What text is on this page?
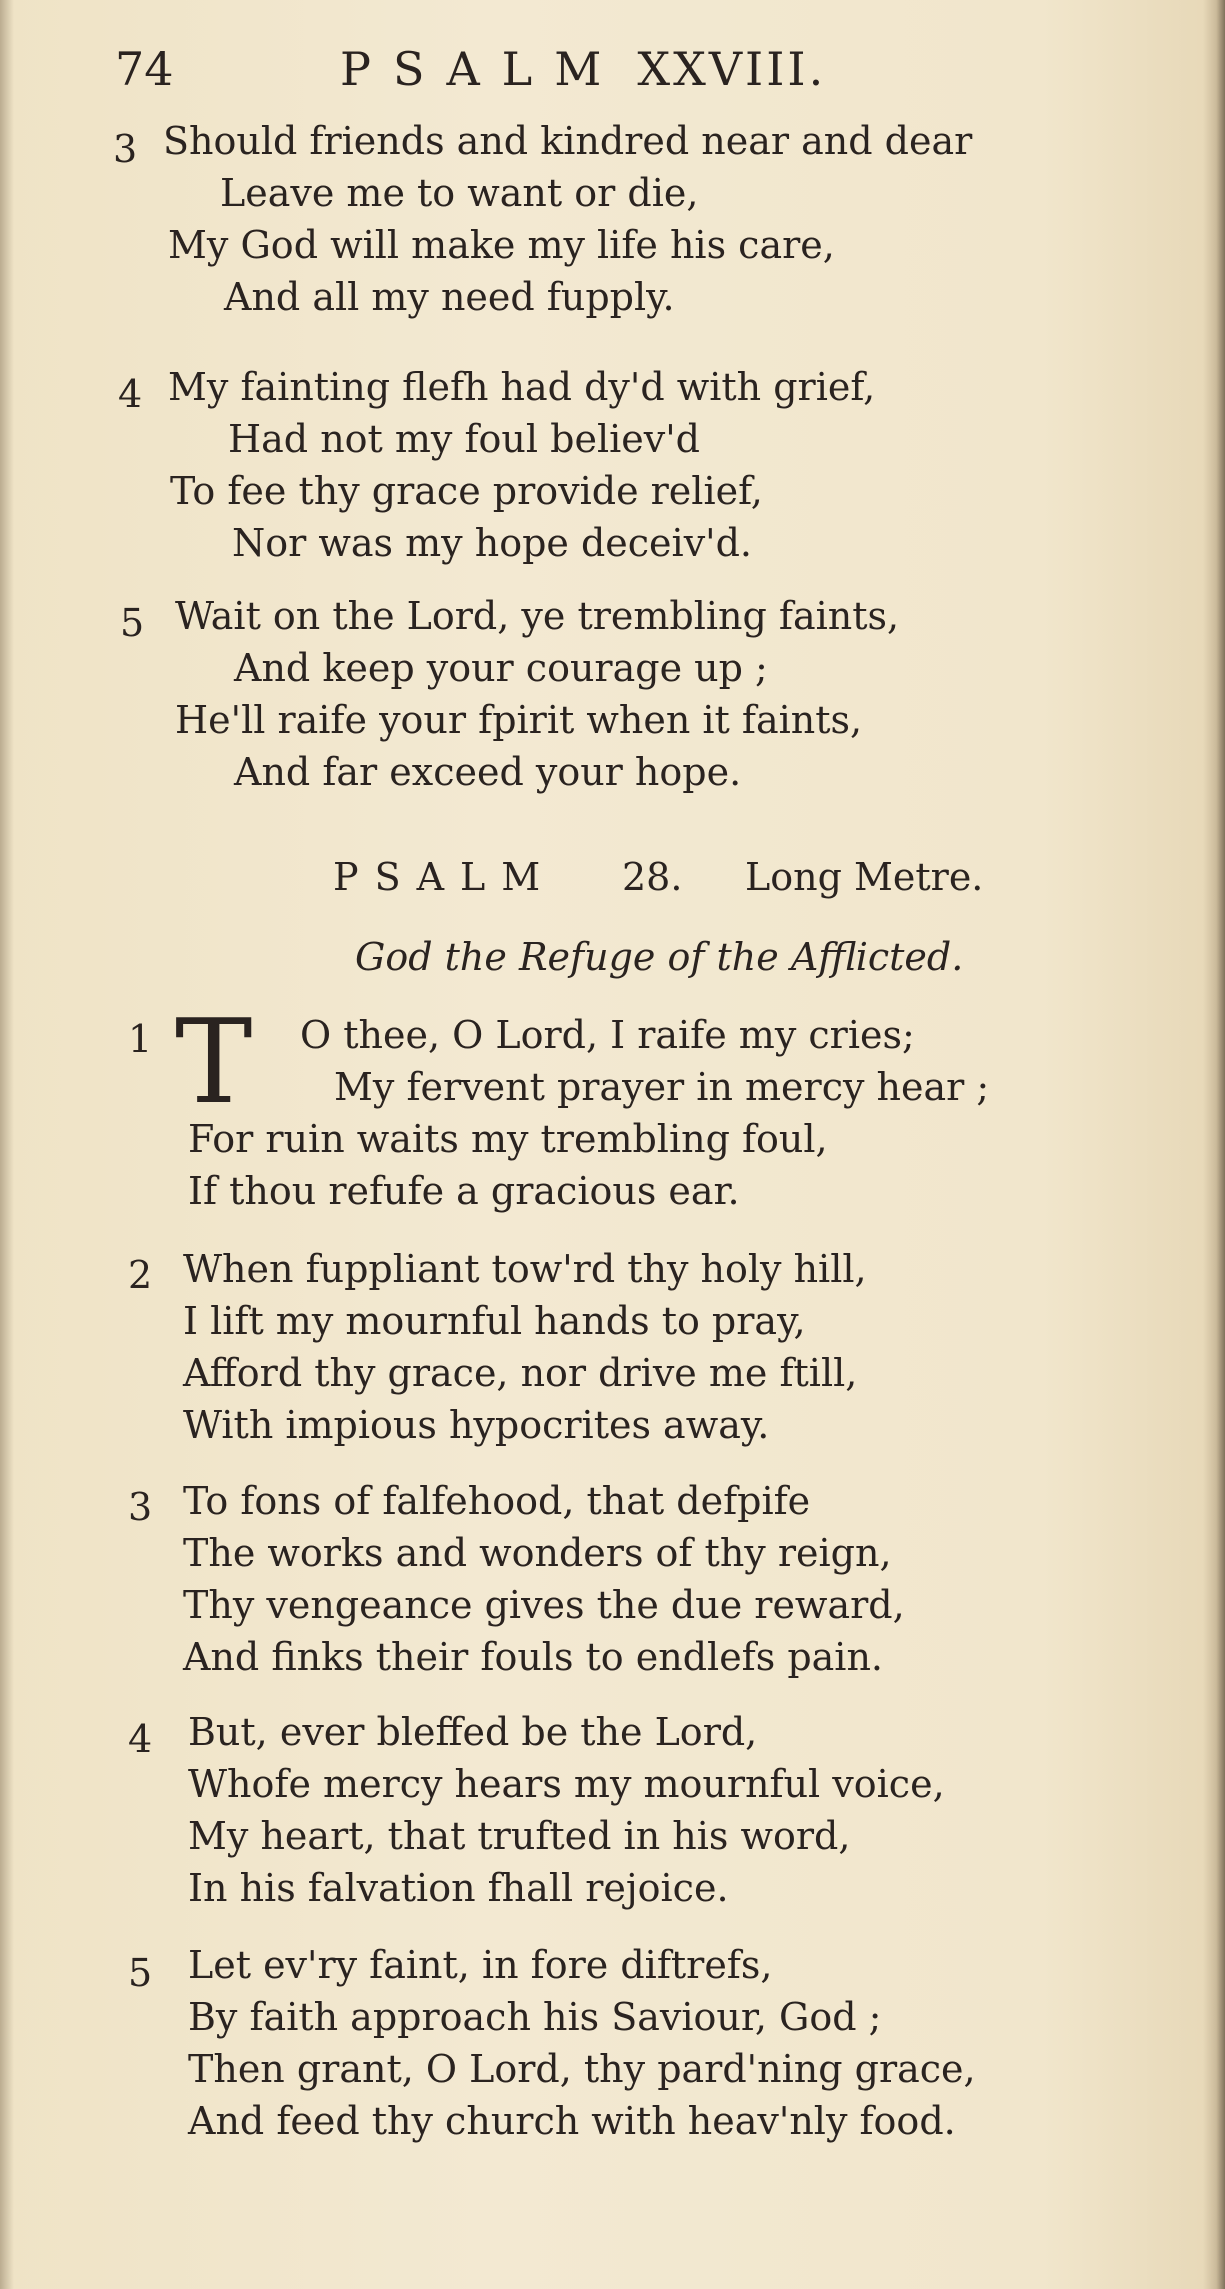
74	PSALM XXVIII.
3 Should friends and kindred near and dear
Leave me to want or die,
My God will make my life his care,
And all my need fupply.
4 My fainting flefh had dy'd with grief,
Had not my foul believ'd
To fee thy grace provide relief,
Nor was my hope deceiv'd.
5 Wait on the Lord, ye trembling faints,
And keep your courage up ;
He'll raife your fpirit when it faints,
And far exceed your hope.
PSALM 28. Long Metre.
God the Refuge of the Afflicted.
1 T O thee, O Lord, I raife my cries;
My fervent prayer in mercy hear ;
For ruin waits my trembling foul,
If thou refufe a gracious ear.
2 When fuppliant tow'rd thy holy hill,
I lift my mournful hands to pray,
Afford thy grace, nor drive me ftill,
With impious hypocrites away.
3 To fons of falfehood, that defpife
The works and wonders of thy reign,
Thy vengeance gives the due reward,
And finks their fouls to endlefs pain.
4 But, ever bleffed be the Lord,
Whofe mercy hears my mournful voice,
My heart, that trufted in his word,
In his falvation fhall rejoice.
5 Let ev'ry faint, in fore diftrefs,
By faith approach his Saviour, God ;
Then grant, O Lord, thy pard'ning grace,
And feed thy church with heav'nly food.
